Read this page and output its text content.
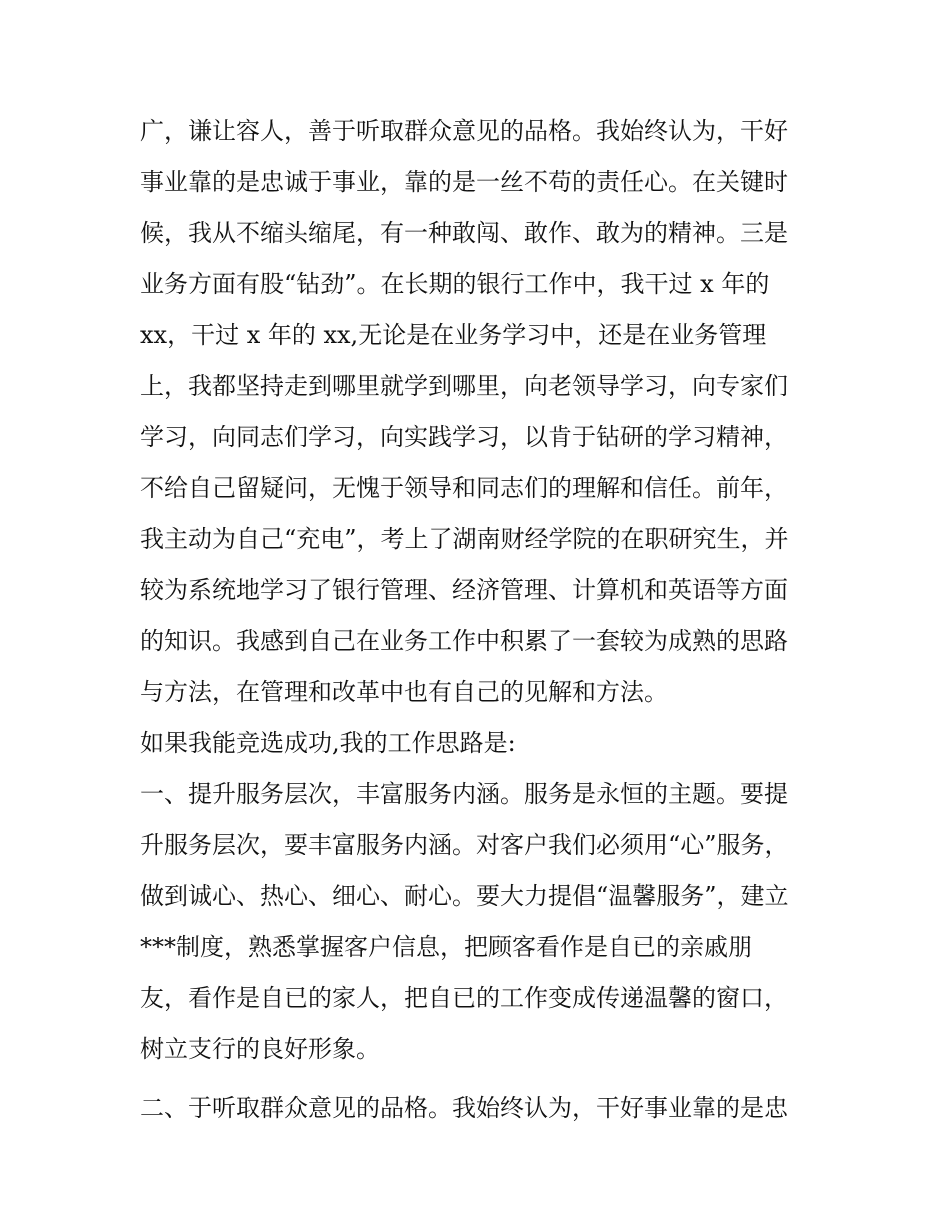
广，谦让容人，善于听取群众意见的品格。我始终认为，干好
事业靠的是忠诚于事业，靠的是一丝不苟的责任心。在关键时
候，我从不缩头缩尾，有一种敢闯、敢作、敢为的精神。三是
业务方面有股“钻劲”。在长期的银行工作中，我干过 x 年的
xx，干过 x 年的 xx,无论是在业务学习中，还是在业务管理
上，我都坚持走到哪里就学到哪里，向老领导学习，向专家们
学习，向同志们学习，向实践学习，以肯于钻研的学习精神，
不给自己留疑问，无愧于领导和同志们的理解和信任。前年，
我主动为自己“充电”，考上了湖南财经学院的在职研究生，并
较为系统地学习了银行管理、经济管理、计算机和英语等方面
的知识。我感到自己在业务工作中积累了一套较为成熟的思路
与方法，在管理和改革中也有自己的见解和方法。
如果我能竞选成功,我的工作思路是:
一、提升服务层次，丰富服务内涵。服务是永恒的主题。要提
升服务层次，要丰富服务内涵。对客户我们必须用“心”服务，
做到诚心、热心、细心、耐心。要大力提倡“温馨服务”，建立
***制度，熟悉掌握客户信息，把顾客看作是自已的亲戚朋
友，看作是自已的家人，把自已的工作变成传递温馨的窗口，
树立支行的良好形象。
二、于听取群众意见的品格。我始终认为，干好事业靠的是忠
